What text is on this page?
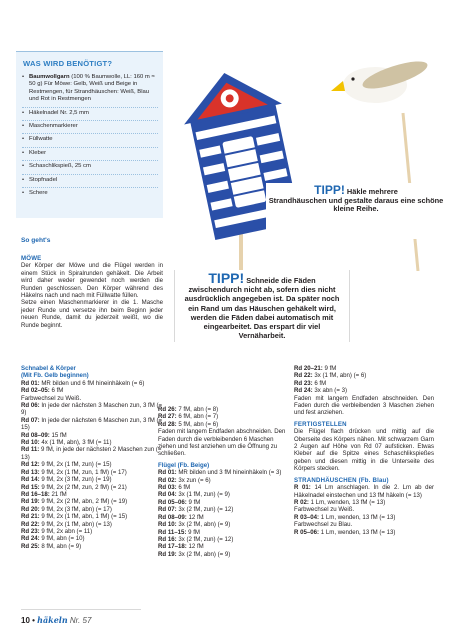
WAS WIRD BENÖTIGT?
• Baumwollgarn (100 % Baumwolle, LL: 160 m ≈ 50 g) Für Möwe: Gelb, Weiß und Beige in Restmengen, für Strandhäuschen: Weiß, Blau und Rot in Restmengen
• Häkelnadel Nr. 2,5 mm
• Maschenmarkierer
• Füllwatte
• Kleber
• Schaschlikspieß, 25 cm
• Stopfnadel
• Schere	TIPP! Häkle mehrere
Strandhäuschen und gestalte daraus eine schöne kleine Reihe.
So geht's

MÖWE

Der Körper der Möwe und die Flügel werden in einem Stück in Spiralrunden gehäkelt. Die Arbeit wird daher weder gewendet noch werden die Runden geschlossen. Den Körper während des Häkelns nach und nach mit Füllwatte füllen.

Setze einen Maschenmarkierer in die 1. Masche jeder Runde und versetze ihn beim Beginn jeder neuen Runde, damit du jederzeit weißt, wo die Runde beginnt.

TIPP! Schneide die Fäden zwischendurch nicht ab, sofern dies nicht ausdrücklich angegeben ist. Da später noch ein Rand um das Häuschen gehäkelt wird, werden die Fäden dabei automatisch mit eingearbeitet. Das erspart dir viel Vernäharbeit.

Schnabel & Körper

(Mit Fb. Gelb beginnen)

Rd 01: MR bilden und 6 fM hineinhäkeln (= 6)

Rd 02–05: 6 fM

Farbwechsel zu Weiß.

Rd 06: In jede der nächsten 3 Maschen zun, 3 fM (= 9)

Rd 07: In jede der nächsten 6 Maschen zun, 3 fM (= 15)

Rd 08–09: 15 fM

Rd 10: 4x (1 fM, abn), 3 fM (= 11)

Rd 11: 9 fM, in jede der nächsten 2 Maschen zun (= 13)

Rd 12: 9 fM, 2x (1 fM, zun) (= 15)

Rd 13: 9 fM, 2x (1 fM, zun, 1 fM) (= 17)

Rd 14: 9 fM, 2x (3 fM, zun) (= 19)

Rd 15: 9 fM, 2x (2 fM, zun, 2 fM) (= 21)

Rd 16–18: 21 fM

Rd 19: 9 fM, 2x (2 fM, abn, 2 fM) (= 19)

Rd 20: 9 fM, 2x (3 fM, abn) (= 17)

Rd 21: 9 fM, 2x (1 fM, abn, 1 fM) (= 15)

Rd 22: 9 fM, 2x (1 fM, abn) (= 13)

Rd 23: 9 fM, 2x abn (= 11)

Rd 24: 9 fM, abn (= 10)

Rd 25: 8 fM, abn (= 9)

Rd 26: 7 fM, abn (= 8)

Rd 27: 6 fM, abn (= 7)

Rd 28: 5 fM, abn (= 6)

Faden mit langem Endfaden abschneiden. Den Faden durch die verbleibenden 6 Maschen ziehen und fest anziehen um die Öffnung zu schließen.

Flügel (Fb. Beige)

Rd 01: MR bilden und 3 fM hineinhäkeln (= 3)

Rd 02: 3x zun (= 6)

Rd 03: 6 fM

Rd 04: 3x (1 fM, zun) (= 9)

Rd 05–06: 9 fM

Rd 07: 3x (2 fM, zun) (= 12)

Rd 08–09: 12 fM

Rd 10: 3x (2 fM, abn) (= 9)

Rd 11–15: 9 fM

Rd 16: 3x (2 fM, zun) (= 12)

Rd 17–18: 12 fM

Rd 19: 3x (2 fM, abn) (= 9)

Rd 20–21: 9 fM

Rd 22: 3x (1 fM, abn) (= 6)

Rd 23: 6 fM

Rd 24: 3x abn (= 3)

Faden mit langem Endfaden abschneiden. Den Faden durch die verbleibenden 3 Maschen ziehen und fest anziehen.

FERTIGSTELLEN

Die Flügel flach drücken und mittig auf die Oberseite des Körpers nähen. Mit schwarzem Garn 2 Augen auf Höhe von Rd 07 aufsticken. Etwas Kleber auf die Spitze eines Schaschlikspießes geben und diesen mittig in die Unterseite des Körpers stecken.

STRANDHÄUSCHEN (Fb. Blau)

R 01: 14 Lm anschlagen. In die 2. Lm ab der Häkelnadel einstechen und 13 fM häkeln (= 13)

R 02: 1 Lm, wenden, 13 fM (= 13)

Farbwechsel zu Weiß.

R 03–04: 1 Lm, wenden, 13 fM (= 13)

Farbwechsel zu Blau.

R 05–06: 1 Lm, wenden, 13 fM (= 13)

10 • häkeln Nr. 57
